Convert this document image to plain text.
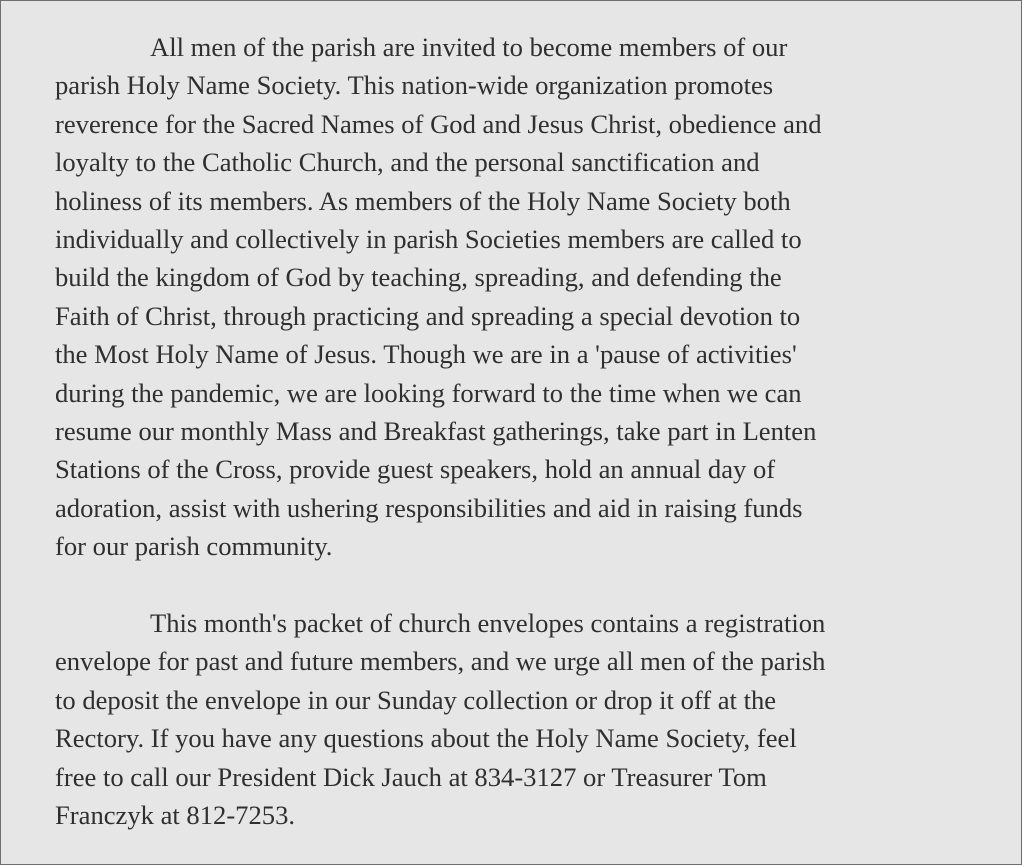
All men of the parish are invited to become members of our
parish Holy Name Society. This nation-wide organization promotes
reverence for the Sacred Names of God and Jesus Christ, obedience and
loyalty to the Catholic Church, and the personal sanctification and
holiness of its members. As members of the Holy Name Society both
individually and collectively in parish Societies members are called to
build the kingdom of God by teaching, spreading, and defending the
Faith of Christ, through practicing and spreading a special devotion to
the Most Holy Name of Jesus. Though we are in a 'pause of activities'
during the pandemic, we are looking forward to the time when we can
resume our monthly Mass and Breakfast gatherings, take part in Lenten
Stations of the Cross, provide guest speakers, hold an annual day of
adoration, assist with ushering responsibilities and aid in raising funds
for our parish community.
This month's packet of church envelopes contains a registration
envelope for past and future members, and we urge all men of the parish
to deposit the envelope in our Sunday collection or drop it off at the
Rectory. If you have any questions about the Holy Name Society, feel
free to call our President Dick Jauch at 834-3127 or Treasurer Tom
Franczyk at 812-7253.
